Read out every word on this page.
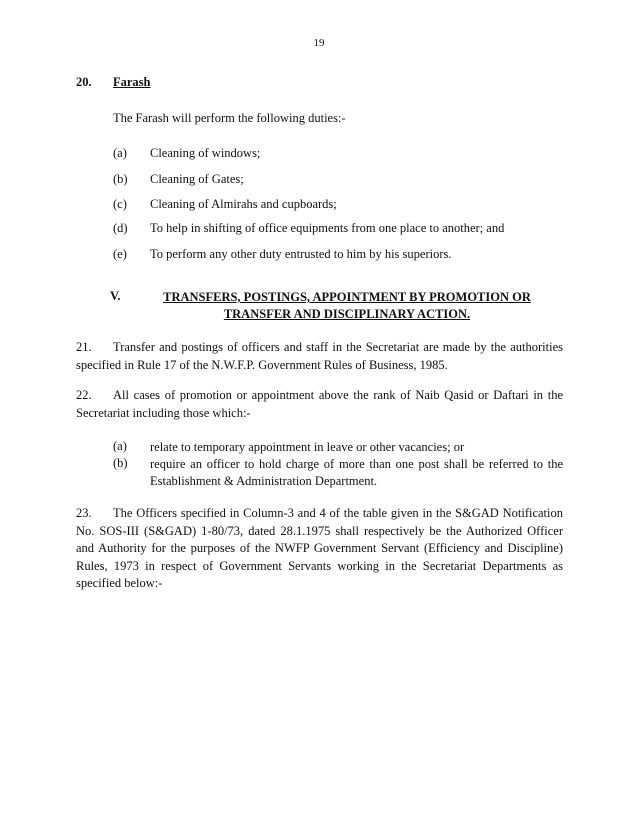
19
20. Farash
The Farash will perform the following duties:-
(a) Cleaning of windows;
(b) Cleaning of Gates;
(c) Cleaning of Almirahs and cupboards;
(d) To help in shifting of office equipments from one place to another; and
(e) To perform any other duty entrusted to him by his superiors.
V.	TRANSFERS, POSTINGS, APPOINTMENT BY PROMOTION OR
TRANSFER AND DISCIPLINARY ACTION.
21. Transfer and postings of officers and staff in the Secretariat are made by the authorities specified in Rule 17 of the N.W.F.P. Government Rules of Business, 1985.
22. All cases of promotion or appointment above the rank of Naib Qasid or Daftari in the Secretariat including those which:-
(a) relate to temporary appointment in leave or other vacancies; or
(b) require an officer to hold charge of more than one post shall be referred to the Establishment & Administration Department.
23. The Officers specified in Column-3 and 4 of the table given in the S&GAD Notification No. SOS-III (S&GAD) 1-80/73, dated 28.1.1975 shall respectively be the Authorized Officer and Authority for the purposes of the NWFP Government Servant (Efficiency and Discipline) Rules, 1973 in respect of Government Servants working in the Secretariat Departments as specified below:-
